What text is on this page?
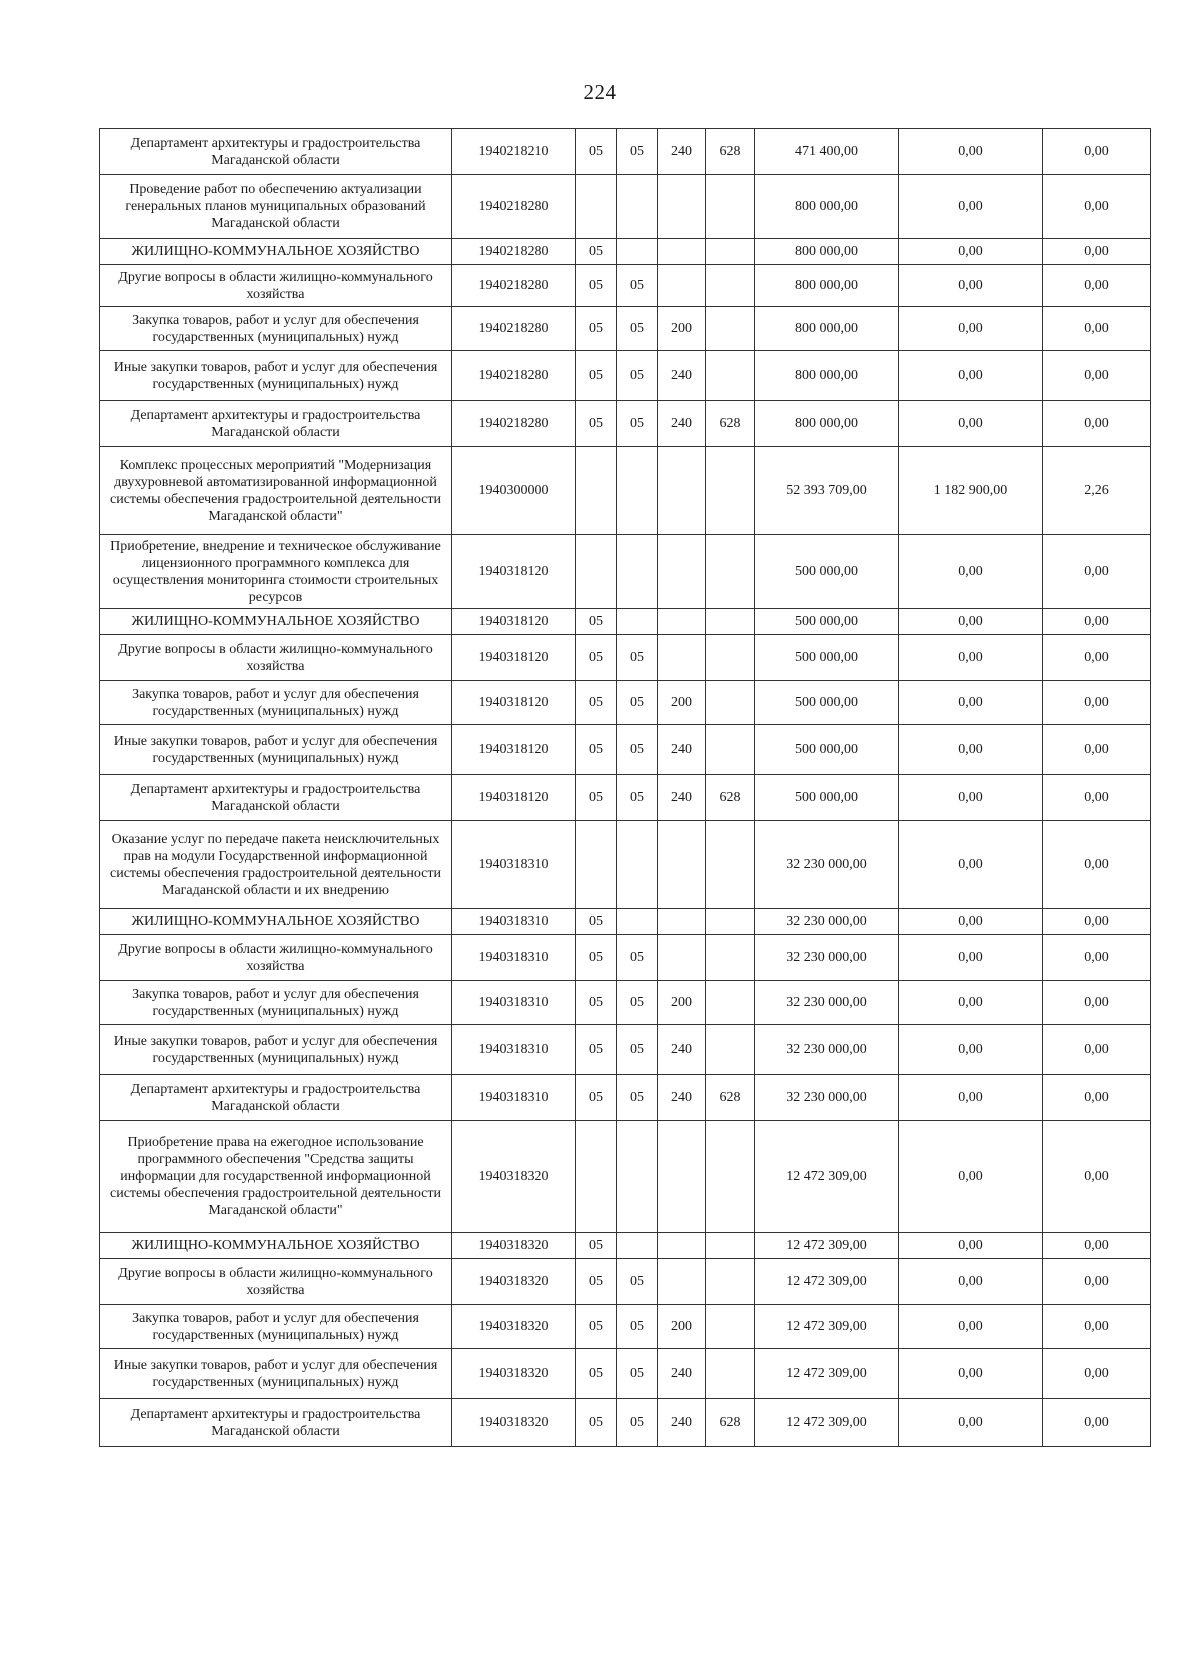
224
Департамент архитектуры и градостроительства Магаданской области	1940218210	05	05	240	628	471 400,00	0,00	0,00
Проведение работ по обеспечению актуализации генеральных планов муниципальных образований Магаданской области	1940218280					800 000,00	0,00	0,00
ЖИЛИЩНО-КОММУНАЛЬНОЕ ХОЗЯЙСТВО	1940218280	05				800 000,00	0,00	0,00
Другие вопросы в области жилищно-коммунального хозяйства	1940218280	05	05			800 000,00	0,00	0,00
Закупка товаров, работ и услуг для обеспечения государственных (муниципальных) нужд	1940218280	05	05	200		800 000,00	0,00	0,00
Иные закупки товаров, работ и услуг для обеспечения государственных (муниципальных) нужд	1940218280	05	05	240		800 000,00	0,00	0,00
Департамент архитектуры и градостроительства Магаданской области	1940218280	05	05	240	628	800 000,00	0,00	0,00
Комплекс процессных мероприятий "Модернизация двухуровневой автоматизированной информационной системы обеспечения градостроительной деятельности Магаданской области"	1940300000					52 393 709,00	1 182 900,00	2,26
Приобретение, внедрение и техническое обслуживание лицензионного программного комплекса для осуществления мониторинга стоимости строительных ресурсов	1940318120					500 000,00	0,00	0,00
ЖИЛИЩНО-КОММУНАЛЬНОЕ ХОЗЯЙСТВО	1940318120	05				500 000,00	0,00	0,00
Другие вопросы в области жилищно-коммунального хозяйства	1940318120	05	05			500 000,00	0,00	0,00
Закупка товаров, работ и услуг для обеспечения государственных (муниципальных) нужд	1940318120	05	05	200		500 000,00	0,00	0,00
Иные закупки товаров, работ и услуг для обеспечения государственных (муниципальных) нужд	1940318120	05	05	240		500 000,00	0,00	0,00
Департамент архитектуры и градостроительства Магаданской области	1940318120	05	05	240	628	500 000,00	0,00	0,00
Оказание услуг по передаче пакета неисключительных прав на модули Государственной информационной системы обеспечения градостроительной деятельности Магаданской области и их внедрению	1940318310					32 230 000,00	0,00	0,00
ЖИЛИЩНО-КОММУНАЛЬНОЕ ХОЗЯЙСТВО	1940318310	05				32 230 000,00	0,00	0,00
Другие вопросы в области жилищно-коммунального хозяйства	1940318310	05	05			32 230 000,00	0,00	0,00
Закупка товаров, работ и услуг для обеспечения государственных (муниципальных) нужд	1940318310	05	05	200		32 230 000,00	0,00	0,00
Иные закупки товаров, работ и услуг для обеспечения государственных (муниципальных) нужд	1940318310	05	05	240		32 230 000,00	0,00	0,00
Департамент архитектуры и градостроительства Магаданской области	1940318310	05	05	240	628	32 230 000,00	0,00	0,00
Приобретение права на ежегодное использование программного обеспечения "Средства защиты информации для государственной информационной системы обеспечения градостроительной деятельности Магаданской области"	1940318320					12 472 309,00	0,00	0,00
ЖИЛИЩНО-КОММУНАЛЬНОЕ ХОЗЯЙСТВО	1940318320	05				12 472 309,00	0,00	0,00
Другие вопросы в области жилищно-коммунального хозяйства	1940318320	05	05			12 472 309,00	0,00	0,00
Закупка товаров, работ и услуг для обеспечения государственных (муниципальных) нужд	1940318320	05	05	200		12 472 309,00	0,00	0,00
Иные закупки товаров, работ и услуг для обеспечения государственных (муниципальных) нужд	1940318320	05	05	240		12 472 309,00	0,00	0,00
Департамент архитектуры и градостроительства Магаданской области	1940318320	05	05	240	628	12 472 309,00	0,00	0,00
